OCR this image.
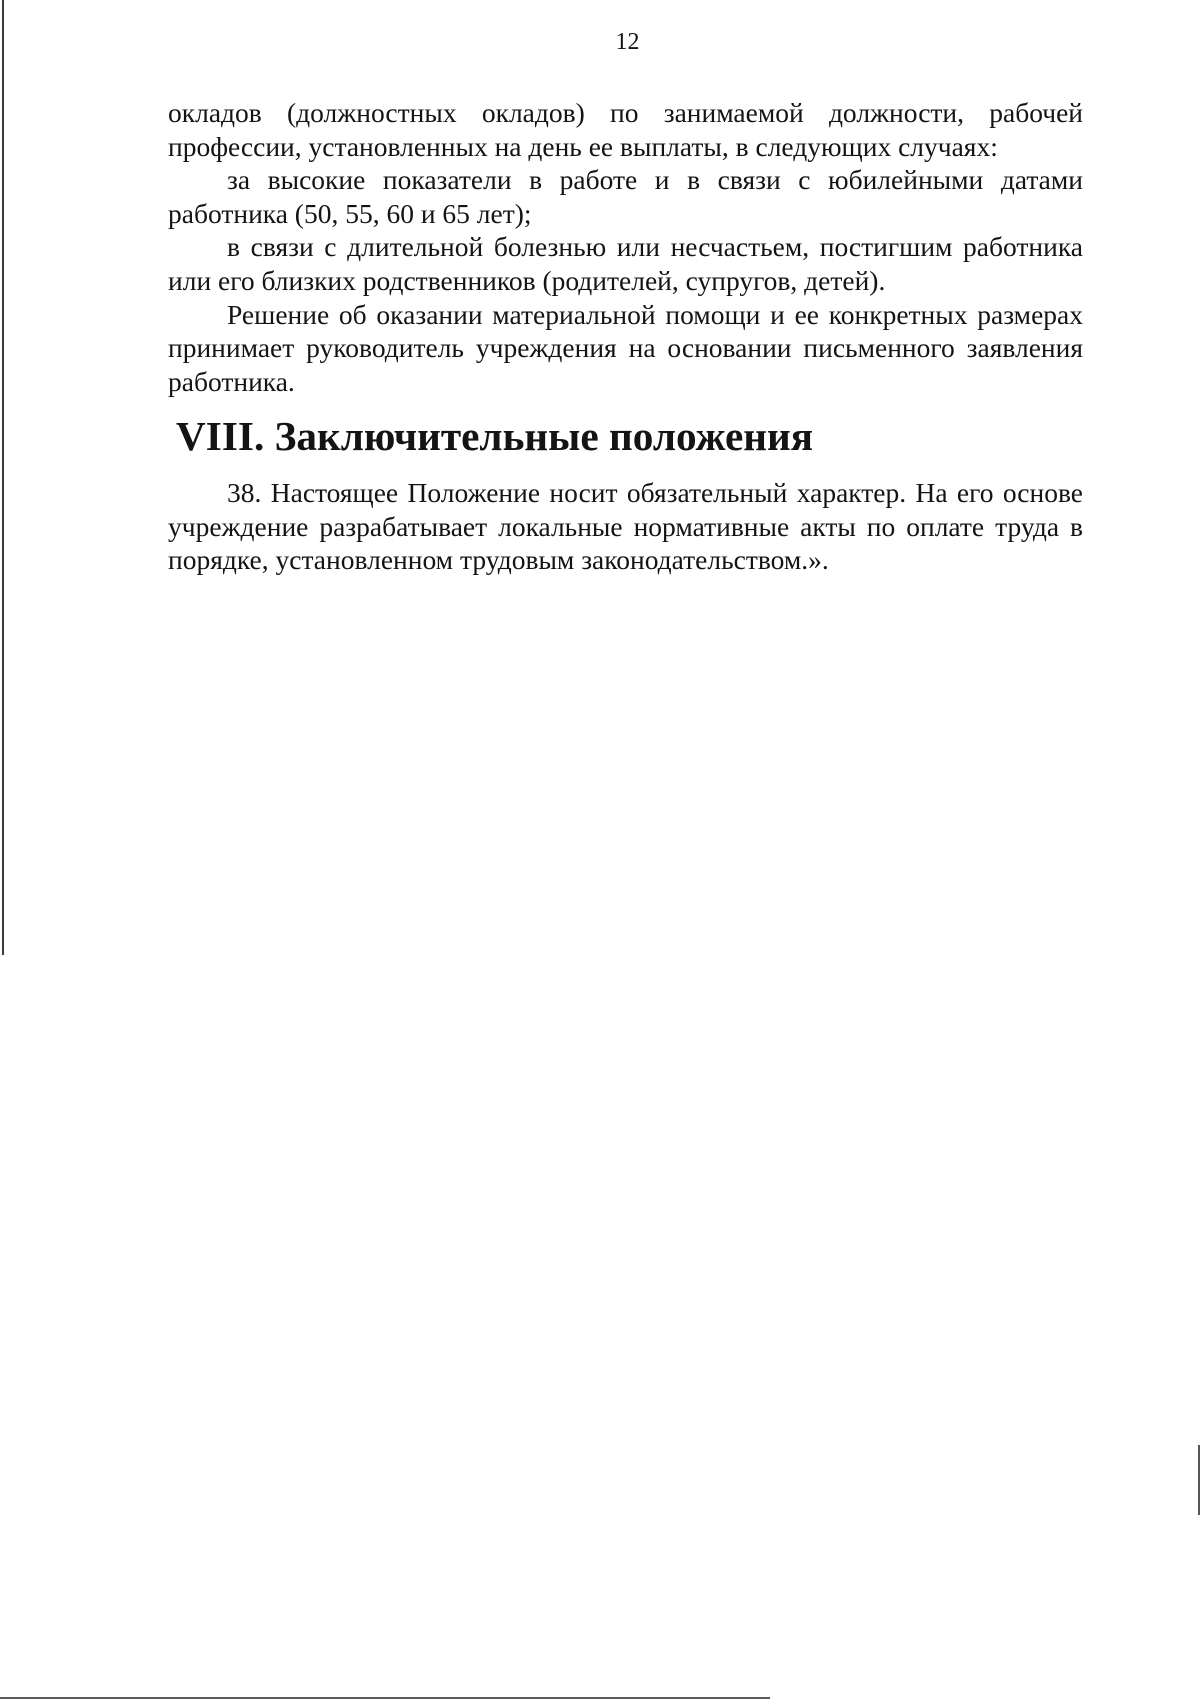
12

окладов (должностных окладов) по занимаемой должности, рабочей профессии, установленных на день ее выплаты, в следующих случаях:

за высокие показатели в работе и в связи с юбилейными датами работника (50, 55, 60 и 65 лет);

в связи с длительной болезнью или несчастьем, постигшим работника или его близких родственников (родителей, супругов, детей).

Решение об оказании материальной помощи и ее конкретных размерах принимает руководитель учреждения на основании письменного заявления работника.

VIII. Заключительные положения

38. Настоящее Положение носит обязательный характер. На его основе учреждение разрабатывает локальные нормативные акты по оплате труда в порядке, установленном трудовым законодательством.».
